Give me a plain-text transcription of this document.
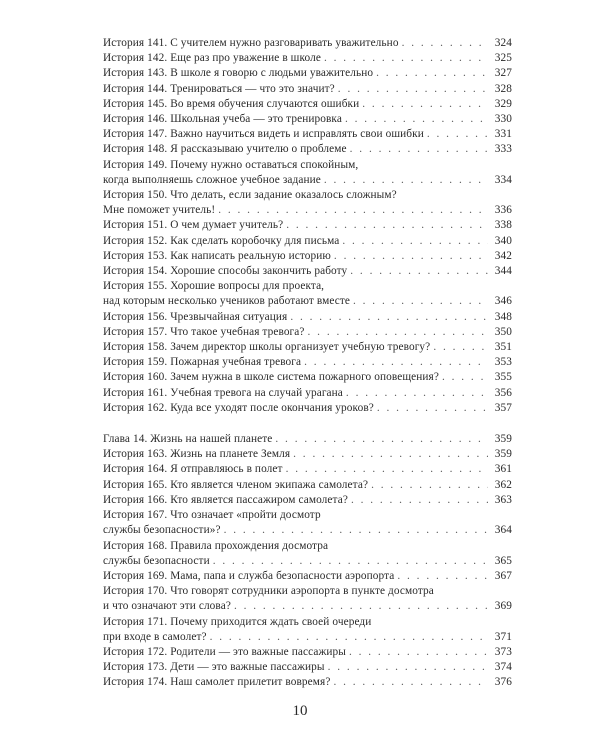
История 141. С учителем нужно разговаривать уважительно . . .	324
История 142. Еще раз про уважение в школе . . .	325
История 143. В школе я говорю с людьми уважительно . . .	327
История 144. Тренироваться — что это значит? . . .	328
История 145. Во время обучения случаются ошибки . . .	329
История 146. Школьная учеба — это тренировка . . .	330
История 147. Важно научиться видеть и исправлять свои ошибки . . .	331
История 148. Я рассказываю учителю о проблеме . . .	333
История 149. Почему нужно оставаться спокойным,
когда выполняешь сложное учебное задание . . .	334
История 150. Что делать, если задание оказалось сложным?
Мне поможет учитель! . . .	336
История 151. О чем думает учитель? . . .	338
История 152. Как сделать коробочку для письма . . .	340
История 153. Как написать реальную историю . . .	342
История 154. Хорошие способы закончить работу . . .	344
История 155. Хорошие вопросы для проекта,
над которым несколько учеников работают вместе . . .	346
История 156. Чрезвычайная ситуация . . .	348
История 157. Что такое учебная тревога? . . .	350
История 158. Зачем директор школы организует учебную тревогу? . . .	351
История 159. Пожарная учебная тревога . . .	353
История 160. Зачем нужна в школе система пожарного оповещения? . . .	355
История 161. Учебная тревога на случай урагана . . .	356
История 162. Куда все уходят после окончания уроков? . . .	357
Глава 14. Жизнь на нашей планете . . .	359
История 163. Жизнь на планете Земля . . .	359
История 164. Я отправляюсь в полет . . .	361
История 165. Кто является членом экипажа самолета? . . .	362
История 166. Кто является пассажиром самолета? . . .	363
История 167. Что означает «пройти досмотр
службы безопасности»? . . .	364
История 168. Правила прохождения досмотра
службы безопасности . . .	365
История 169. Мама, папа и служба безопасности аэропорта . . .	367
История 170. Что говорят сотрудники аэропорта в пункте досмотра
и что означают эти слова? . . .	369
История 171. Почему приходится ждать своей очереди
при входе в самолет? . . .	371
История 172. Родители — это важные пассажиры . . .	373
История 173. Дети — это важные пассажиры . . .	374
История 174. Наш самолет прилетит вовремя? . . .	376
10
